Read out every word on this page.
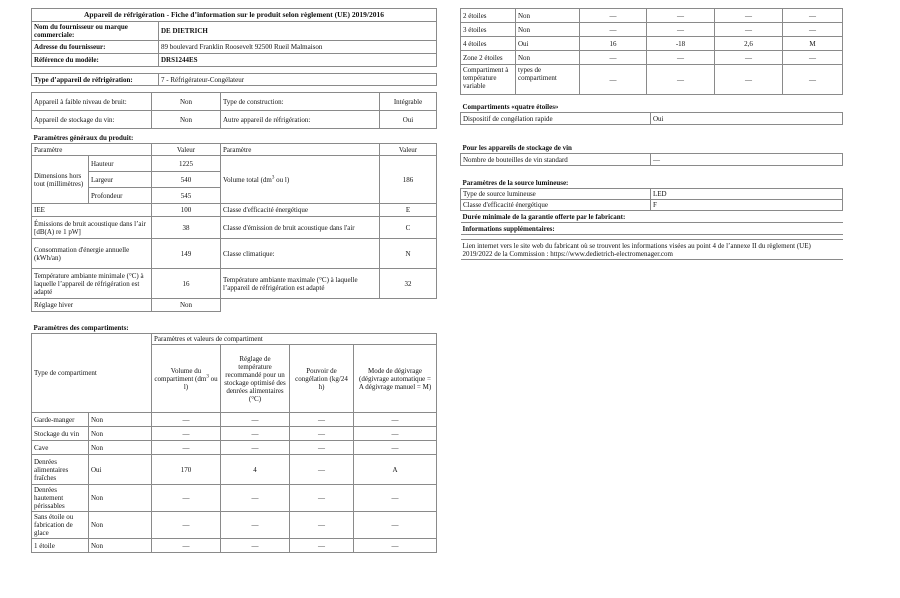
Appareil de réfrigération - Fiche d’information sur le produit selon règlement (UE) 2019/2016	
Nom du fournisseur ou marque commerciale:	DE DIETRICH
Adresse du fournisseur:	89 boulevard Franklin Roosevelt 92500 Rueil Malmaison
Référence du modèle:	DRS1244ES

Type d’appareil de réfrigération:	7 - Réfrigérateur-Congélateur

Appareil à faible niveau de bruit:	Non	Type de construction:	Intégrable
Appareil de stockage du vin:	Non	Autre appareil de réfrigération:	Oui
Paramètres généraux du produit:				
Paramètre		Valeur	Paramètre	Valeur
Dimensions hors tout (millimètres)	Hauteur	1225	Volume total ($dm^3$ ou l)	186
	Largeur	540		
	Profondeur	545		
IEE		100	Classe d'efficacité énergétique	E
Émissions de bruit acoustique dans l’air [dB(A) re 1 pW]		38	Classe d'émission de bruit acoustique dans l'air	C
Consommation d'énergie annuelle (kWh/an)		149	Classe climatique:	N
Température ambiante minimale (°C) à laquelle l’appareil de réfrigération est adapté		16	Température ambiante maximale (°C) à laquelle l’appareil de réfrigération est adapté	32
Réglage hiver		Non		
Paramètres des compartiments:					
Type de compartiment		Paramètres et valeurs de compartiment			
		Volume du compartiment ($dm^3$ ou l)	Réglage de température recommandé pour un stockage optimisé des denrées alimentaires (°C)	Pouvoir de congélation (kg/24 h)	Mode de dégivrage (dégivrage automatique = A dégivrage manuel = M)
Garde-manger	Non	—	—	—	—
Stockage du vin	Non	—	—	—	—
Cave	Non	—	—	—	—
Denrées alimentaires fraîches	Oui	170	4	—	A
Denrées hautement périssables	Non	—	—	—	—
Sans étoile ou fabrication de glace	Non	—	—	—	—
1 étoile	Non	—	—	—	—
2 étoiles	Non	—	—	—	—
3 étoiles	Non	—	—	—	—
4 étoiles	Oui	16	-18	2,6	M
Zone 2 étoiles	Non	—	—	—	—
Compartiment à température variable	types de compartiment	—	—	—	—
Compartiments «quatre étoiles»	
Dispositif de congélation rapide	Oui

Pour les appareils de stockage de vin	
Nombre de bouteilles de vin standard	—

Paramètres de la source lumineuse:	
Type de source lumineuse	LED
Classe d'efficacité énergétique	F
Durée minimale de la garantie offerte par le fabricant:	
Informations supplémentaires:	

Lien internet vers le site web du fabricant où se trouvent les informations visées au point 4 de l’annexe II du règlement (UE) 2019/2022 de la Commission : https://www.dedietrich-electromenager.com	
